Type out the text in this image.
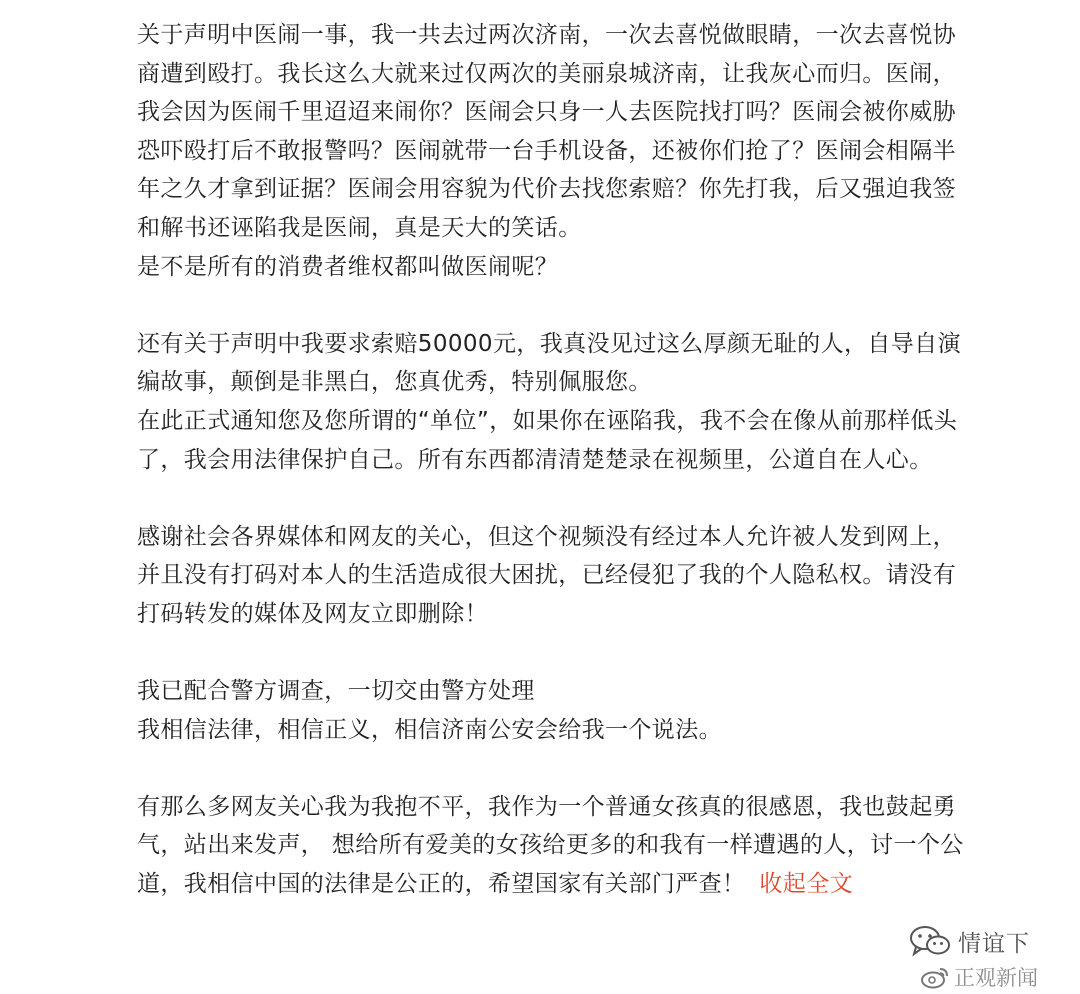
关于声明中医闹一事，我一共去过两次济南，一次去喜悦做眼睛，一次去喜悦协
商遭到殴打。我长这么大就来过仅两次的美丽泉城济南，让我灰心而归。医闹，
我会因为医闹千里迢迢来闹你？医闹会只身一人去医院找打吗？医闹会被你威胁
恐吓殴打后不敢报警吗？医闹就带一台手机设备，还被你们抢了？医闹会相隔半
年之久才拿到证据？医闹会用容貌为代价去找您索赔？你先打我，后又强迫我签
和解书还诬陷我是医闹，真是天大的笑话。
是不是所有的消费者维权都叫做医闹呢？
还有关于声明中我要求索赔50000元，我真没见过这么厚颜无耻的人，自导自演
编故事，颠倒是非黑白，您真优秀，特别佩服您。
在此正式通知您及您所谓的“单位”，如果你在诬陷我，我不会在像从前那样低头
了，我会用法律保护自己。所有东西都清清楚楚录在视频里，公道自在人心。
感谢社会各界媒体和网友的关心，但这个视频没有经过本人允许被人发到网上，
并且没有打码对本人的生活造成很大困扰，已经侵犯了我的个人隐私权。请没有
打码转发的媒体及网友立即删除！
我已配合警方调查，一切交由警方处理
我相信法律，相信正义，相信济南公安会给我一个说法。
有那么多网友关心我为我抱不平，我作为一个普通女孩真的很感恩，我也鼓起勇
气，站出来发声， 想给所有爱美的女孩给更多的和我有一样遭遇的人，讨一个公
道，我相信中国的法律是公正的，希望国家有关部门严查！ 收起全文
情谊下
正观新闻
